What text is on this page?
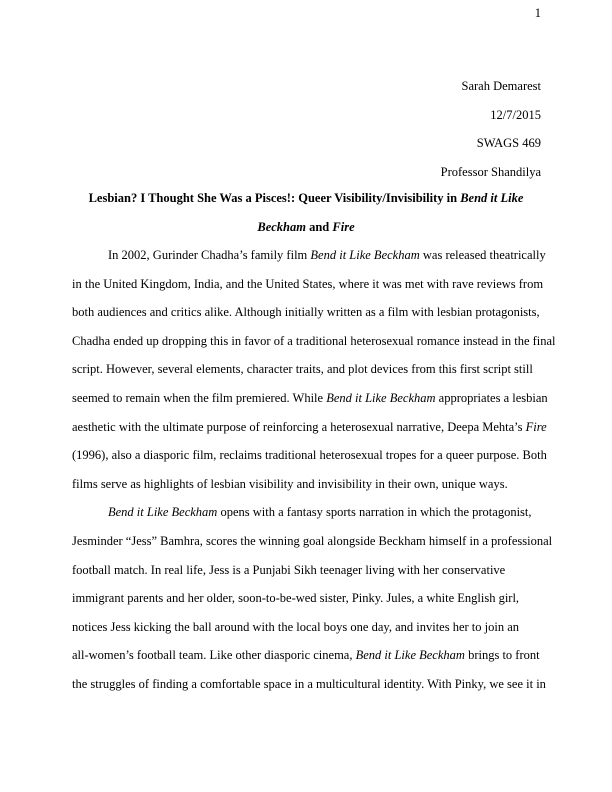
1
Sarah Demarest
12/7/2015
SWAGS 469
Professor Shandilya
Lesbian? I Thought She Was a Pisces!: Queer Visibility/Invisibility in Bend it Like
Beckham and Fire
In 2002, Gurinder Chadha’s family film Bend it Like Beckham was released theatrically
in the United Kingdom, India, and the United States, where it was met with rave reviews from
both audiences and critics alike. Although initially written as a film with lesbian protagonists,
Chadha ended up dropping this in favor of a traditional heterosexual romance instead in the final
script. However, several elements, character traits, and plot devices from this first script still
seemed to remain when the film premiered. While Bend it Like Beckham appropriates a lesbian
aesthetic with the ultimate purpose of reinforcing a heterosexual narrative, Deepa Mehta’s Fire
(1996), also a diasporic film, reclaims traditional heterosexual tropes for a queer purpose. Both
films serve as highlights of lesbian visibility and invisibility in their own, unique ways.
Bend it Like Beckham opens with a fantasy sports narration in which the protagonist,
Jesminder “Jess” Bamhra, scores the winning goal alongside Beckham himself in a professional
football match. In real life, Jess is a Punjabi Sikh teenager living with her conservative
immigrant parents and her older, soon-to-be-wed sister, Pinky. Jules, a white English girl,
notices Jess kicking the ball around with the local boys one day, and invites her to join an
all-women’s football team. Like other diasporic cinema, Bend it Like Beckham brings to front
the struggles of finding a comfortable space in a multicultural identity. With Pinky, we see it in
